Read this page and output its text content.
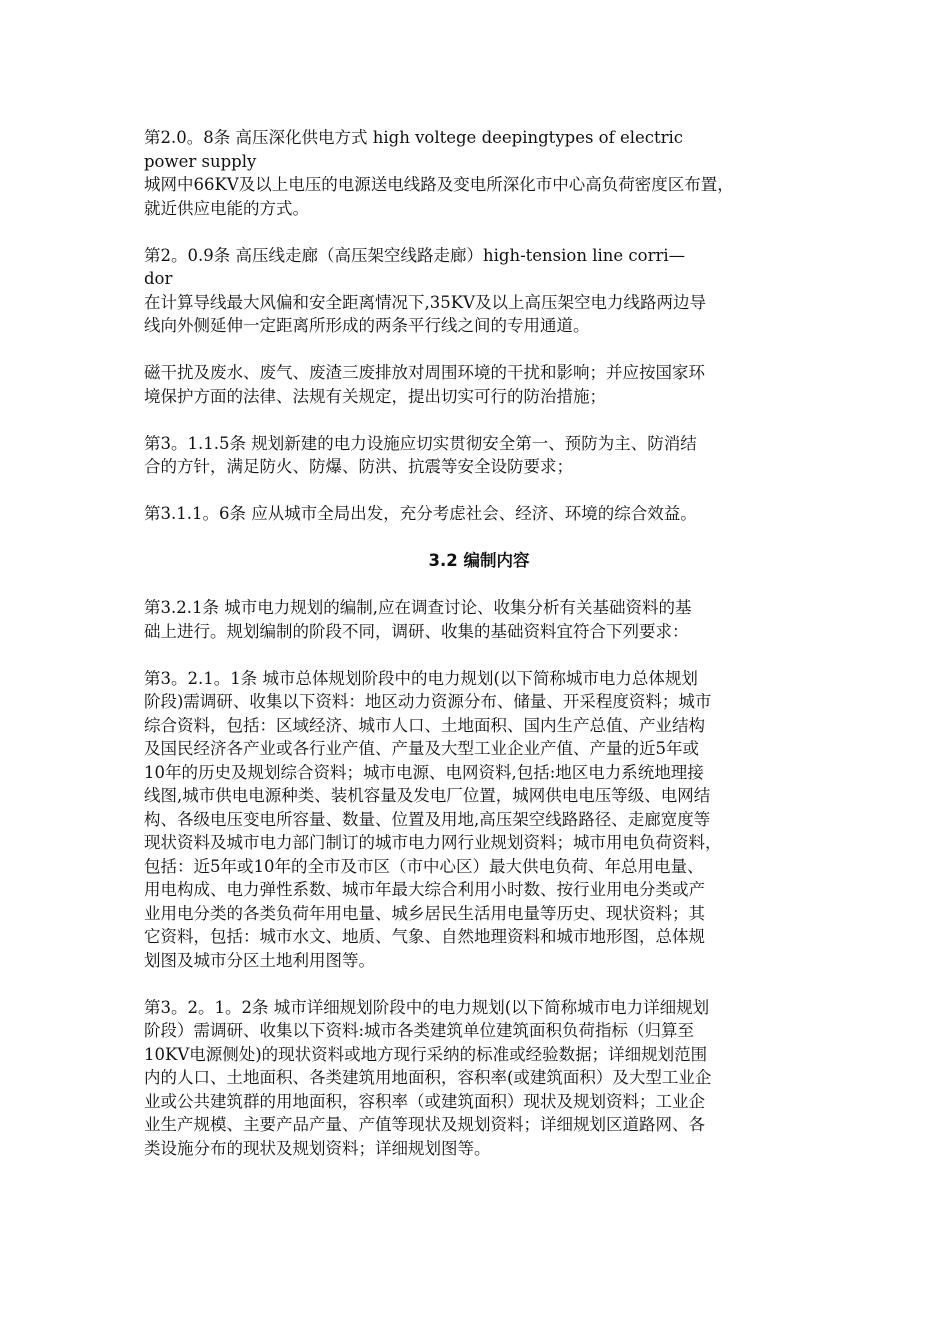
第2.0。8条 高压深化供电方式 high voltege deepingtypes of electric
power supply
城网中66KV及以上电压的电源送电线路及变电所深化市中心高负荷密度区布置，
就近供应电能的方式。
第2。0.9条 高压线走廊（高压架空线路走廊）high-tension line corri—
dor
在计算导线最大风偏和安全距离情况下,35KV及以上高压架空电力线路两边导
线向外侧延伸一定距离所形成的两条平行线之间的专用通道。
磁干扰及废水、废气、废渣三废排放对周围环境的干扰和影响；并应按国家环
境保护方面的法律、法规有关规定，提出切实可行的防治措施；
第3。1.1.5条 规划新建的电力设施应切实贯彻安全第一、预防为主、防消结
合的方针，满足防火、防爆、防洪、抗震等安全设防要求；
第3.1.1。6条 应从城市全局出发，充分考虑社会、经济、环境的综合效益。
3.2 编制内容
第3.2.1条 城市电力规划的编制,应在调查讨论、收集分析有关基础资料的基
础上进行。规划编制的阶段不同，调研、收集的基础资料宜符合下列要求：
第3。2.1。1条 城市总体规划阶段中的电力规划(以下简称城市电力总体规划
阶段)需调研、收集以下资料：地区动力资源分布、储量、开采程度资料；城市
综合资料，包括：区域经济、城市人口、土地面积、国内生产总值、产业结构
及国民经济各产业或各行业产值、产量及大型工业企业产值、产量的近5年或
10年的历史及规划综合资料；城市电源、电网资料,包括:地区电力系统地理接
线图,城市供电电源种类、装机容量及发电厂位置，城网供电电压等级、电网结
构、各级电压变电所容量、数量、位置及用地,高压架空线路路径、走廊宽度等
现状资料及城市电力部门制订的城市电力网行业规划资料；城市用电负荷资料，
包括：近5年或10年的全市及市区（市中心区）最大供电负荷、年总用电量、
用电构成、电力弹性系数、城市年最大综合利用小时数、按行业用电分类或产
业用电分类的各类负荷年用电量、城乡居民生活用电量等历史、现状资料；其
它资料，包括：城市水文、地质、气象、自然地理资料和城市地形图，总体规
划图及城市分区土地利用图等。
第3。2。1。2条 城市详细规划阶段中的电力规划(以下简称城市电力详细规划
阶段）需调研、收集以下资料:城市各类建筑单位建筑面积负荷指标（归算至
10KV电源侧处)的现状资料或地方现行采纳的标准或经验数据；详细规划范围
内的人口、土地面积、各类建筑用地面积，容积率(或建筑面积）及大型工业企
业或公共建筑群的用地面积，容积率（或建筑面积）现状及规划资料；工业企
业生产规模、主要产品产量、产值等现状及规划资料；详细规划区道路网、各
类设施分布的现状及规划资料；详细规划图等。
